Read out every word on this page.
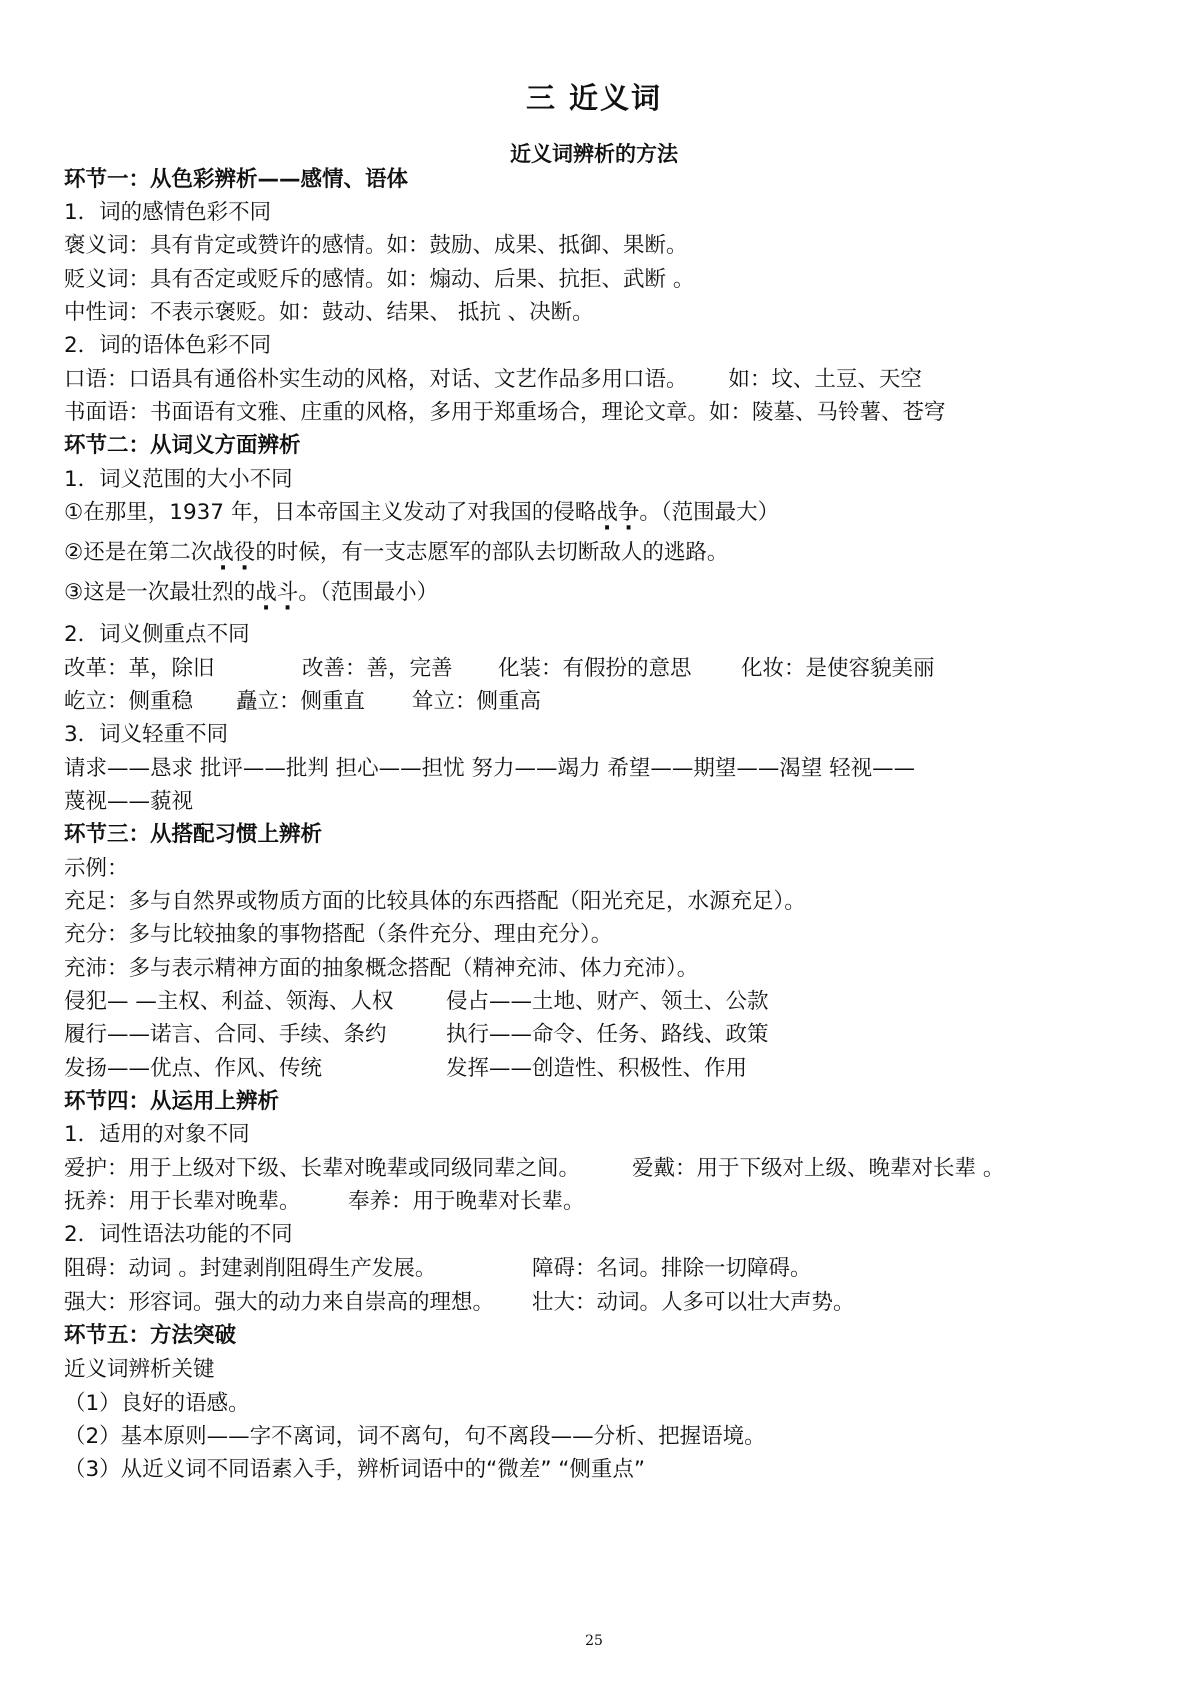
三 近义词
近义词辨析的方法
环节一：从色彩辨析——感情、语体
1．词的感情色彩不同
褒义词：具有肯定或赞许的感情。如：鼓励、成果、抵御、果断。
贬义词：具有否定或贬斥的感情。如：煽动、后果、抗拒、武断 。
中性词：不表示褒贬。如：鼓动、结果、 抵抗 、决断。
2．词的语体色彩不同
口语：口语具有通俗朴实生动的风格，对话、文艺作品多用口语。 如：坟、土豆、天空
书面语：书面语有文雅、庄重的风格，多用于郑重场合，理论文章。如：陵墓、马铃薯、苍穹
环节二：从词义方面辨析
1．词义范围的大小不同
①在那里，1937 年，日本帝国主义发动了对我国的侵略战争。（范围最大）
②还是在第二次战役的时候，有一支志愿军的部队去切断敌人的逃路。
③这是一次最壮烈的战斗。（范围最小）
2．词义侧重点不同
改革：革，除旧	改善：善，完善 化装：有假扮的意思 化妆：是使容貌美丽
屹立：侧重稳 矗立：侧重直 耸立：侧重高
3．词义轻重不同
请求——恳求 批评——批判 担心——担忧 努力——竭力 希望——期望——渴望 轻视——
蔑视——藐视
环节三：从搭配习惯上辨析
示例：
充足：多与自然界或物质方面的比较具体的东西搭配（阳光充足，水源充足）。
充分：多与比较抽象的事物搭配（条件充分、理由充分）。
充沛：多与表示精神方面的抽象概念搭配（精神充沛、体力充沛）。
侵犯— —主权、利益、领海、人权 侵占——土地、财产、领土、公款
履行——诺言、合同、手续、条约	执行——命令、任务、路线、政策
发扬——优点、作风、传统	发挥——创造性、积极性、作用
环节四：从运用上辨析
1．适用的对象不同
爱护：用于上级对下级、长辈对晚辈或同级同辈之间。 爱戴：用于下级对上级、晚辈对长辈 。
抚养：用于长辈对晚辈。 奉养：用于晚辈对长辈。
2．词性语法功能的不同
阻碍：动词 。封建剥削阻碍生产发展。	障碍：名词。排除一切障碍。
强大：形容词。强大的动力来自崇高的理想。 壮大：动词。人多可以壮大声势。
环节五：方法突破
近义词辨析关键
（1）良好的语感。
（2）基本原则——字不离词，词不离句，句不离段——分析、把握语境。
（3）从近义词不同语素入手，辨析词语中的“微差” “侧重点”
25
